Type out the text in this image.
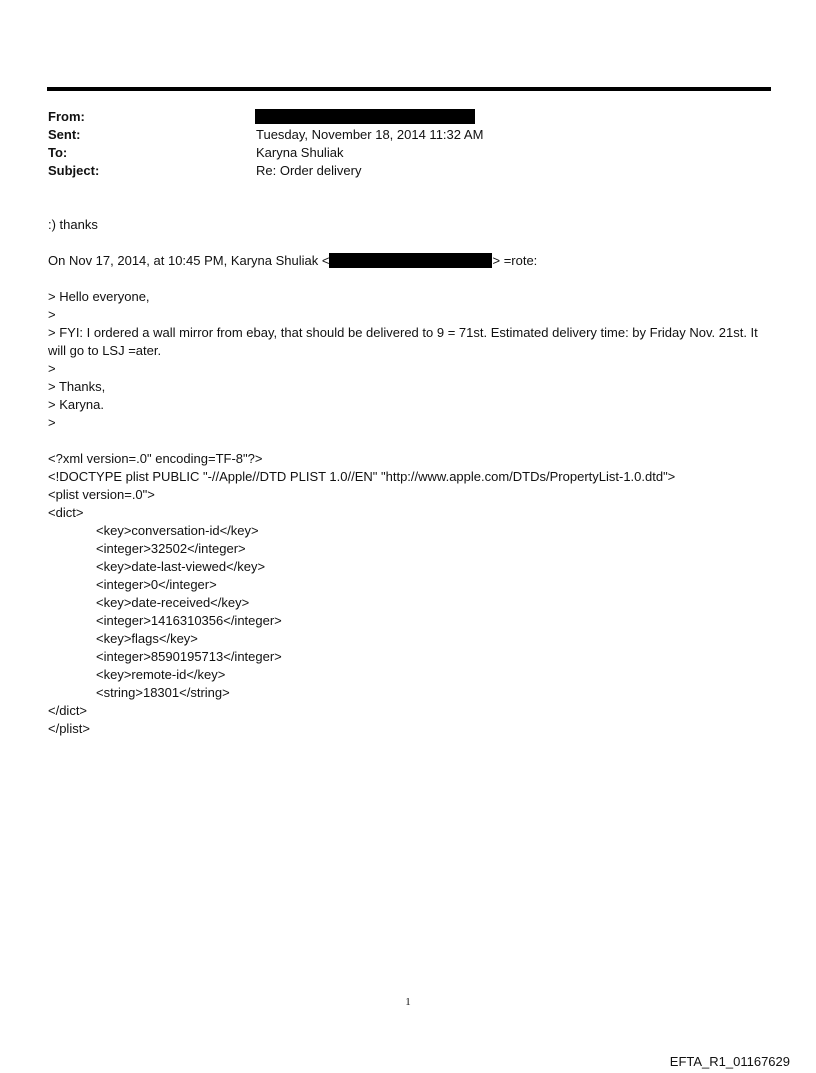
From:
Sent:	Tuesday, November 18, 2014 11:32 AM
To:	Karyna Shuliak
Subject:	Re: Order delivery
:) thanks
On Nov 17, 2014, at 10:45 PM, Karyna Shuliak <	> =rote:
> Hello everyone,
>
> FYI: I ordered a wall mirror from ebay, that should be delivered to 9 = 71st. Estimated delivery time: by Friday Nov. 21st. It will go to LSJ =ater.
>
> Thanks,
> Karyna.
>
<?xml version=.0" encoding=TF-8"?>
<!DOCTYPE plist PUBLIC "-//Apple//DTD PLIST 1.0//EN" "http://www.apple.com/DTDs/PropertyList-1.0.dtd">
<plist version=.0">
<dict>
<key>conversation-id</key>
<integer>32502</integer>
<key>date-last-viewed</key>
<integer>0</integer>
<key>date-received</key>
<integer>1416310356</integer>
<key>flags</key>
<integer>8590195713</integer>
<key>remote-id</key>
<string>18301</string>
</dict>
</plist>
1
EFTA_R1_01167629
